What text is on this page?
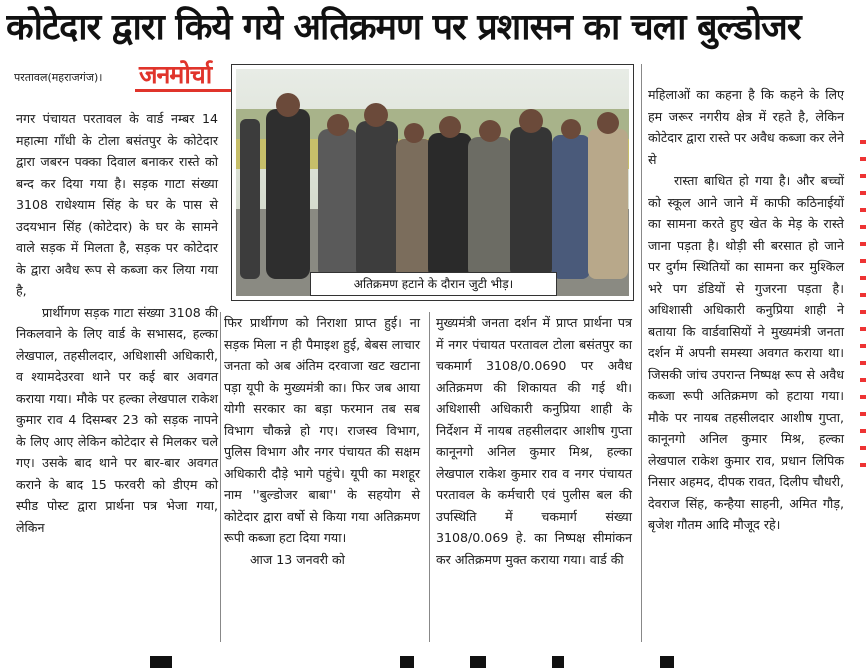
कोटेदार द्वारा किये गये अतिक्रमण पर प्रशासन का चला बुल्डोजर
परतावल(महराजगंज)। जनमोर्चा

नगर पंचायत परतावल के वार्ड नम्बर 14 महात्मा गाँधी के टोला बसंतपुर के कोटेदार द्वारा जबरन पक्का दिवाल बनाकर रास्ते को बन्द कर दिया गया है। सड़क गाटा संख्या 3108 राधेश्याम सिंह के घर के पास से उदयभान सिंह (कोटेदार) के घर के सामने वाले सड़क में मिलता है, सड़क पर कोटेदार के द्वारा अवैध रूप से कब्जा कर लिया गया है,

प्रार्थीगण सड़क गाटा संख्या 3108 की निकलवाने के लिए वार्ड के सभासद, हल्का लेखपाल, तहसीलदार, अधिशासी अधिकारी, व श्यामदेउरवा थाने पर कई बार अवगत कराया गया। मौके पर हल्का लेखपाल राकेश कुमार राव 4 दिसम्बर 23 को सड़क नापने के लिए आए लेकिन कोटेदार से मिलकर चले गए। उसके बाद थाने पर बार-बार अवगत कराने के बाद 15 फरवरी को डीएम को स्पीड पोस्ट द्वारा प्रार्थना पत्र भेजा गया, लेकिन

अतिक्रमण हटाने के दौरान जुटी भीड़।

फिर प्रार्थीगण को निराशा प्राप्त हुई। ना सड़क मिला न ही पैमाइश हुई, बेबस लाचार जनता को अब अंतिम दरवाजा खट खटाना पड़ा यूपी के मुख्यमंत्री का। फिर जब आया योगी सरकार का बड़ा फरमान तब सब विभाग चौकन्ने हो गए। राजस्व विभाग, पुलिस विभाग और नगर पंचायत की सक्षम अधिकारी दौड़े भागे पहुंचे। यूपी का मशहूर नाम ''बुल्डोजर बाबा'' के सहयोग से कोटेदार द्वारा वर्षो से किया गया अतिक्रमण रूपी कब्जा हटा दिया गया।

आज 13 जनवरी को

मुख्यमंत्री जनता दर्शन में प्राप्त प्रार्थना पत्र में नगर पंचायत परतावल टोला बसंतपुर का चकमार्ग 3108/0.0690 पर अवैध अतिक्रमण की शिकायत की गई थी। अधिशासी अधिकारी कनुप्रिया शाही के निर्देशन में नायब तहसीलदार आशीष गुप्ता कानूनगो अनिल कुमार मिश्र, हल्का लेखपाल राकेश कुमार राव व नगर पंचायत परतावल के कर्मचारी एवं पुलीस बल की उपस्थिति में चकमार्ग संख्या 3108/0.069 हे. का निष्पक्ष सीमांकन कर अतिक्रमण मुक्त कराया गया। वार्ड की

महिलाओं का कहना है कि कहने के लिए हम जरूर नगरीय क्षेत्र में रहते है, लेकिन कोटेदार द्वारा रास्ते पर अवैध कब्जा कर लेने से

रास्ता बाधित हो गया है। और बच्चों को स्कूल आने जाने में काफी कठिनाईयों का सामना करते हुए खेत के मेड़ के रास्ते जाना पड़ता है। थोड़ी सी बरसात हो जाने पर दुर्गम स्थितियों का सामना कर मुश्किल भरे पग डंडियों से गुजरना पड़ता है। अधिशासी अधिकारी कनुप्रिया शाही ने बताया कि वार्डवासियों ने मुख्यमंत्री जनता दर्शन में अपनी समस्या अवगत कराया था। जिसकी जांच उपरान्त निष्पक्ष रूप से अवैध कब्जा रूपी अतिक्रमण को हटाया गया। मौके पर नायब तहसीलदार आशीष गुप्ता, कानूनगो अनिल कुमार मिश्र, हल्का लेखपाल राकेश कुमार राव, प्रधान लिपिक निसार अहमद, दीपक रावत, दिलीप चौधरी, देवराज सिंह, कन्हैया साहनी, अमित गौड़, बृजेश गौतम आदि मौजूद रहे।
